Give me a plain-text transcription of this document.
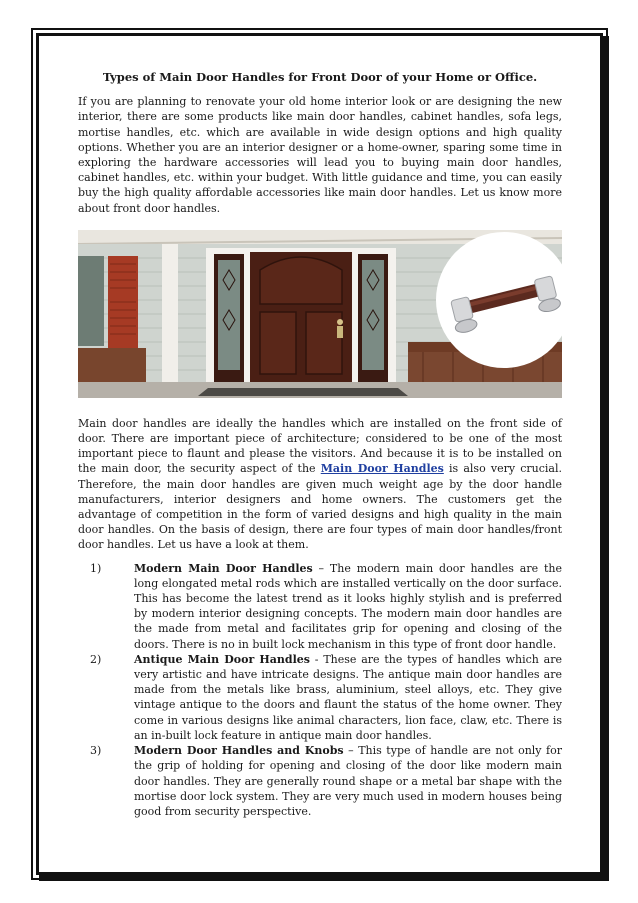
Types of Main Door Handles for Front Door of your Home or Office.

If you are planning to renovate your old home interior look or are designing the new interior, there are some products like main door handles, cabinet handles, sofa legs, mortise handles, etc. which are available in wide design options and high quality options. Whether you are an interior designer or a home-owner, sparing some time in exploring the hardware accessories will lead you to buying main door handles, cabinet handles, etc. within your budget. With little guidance and time, you can easily buy the high quality affordable accessories like main door handles. Let us know more about front door handles.

Main door handles are ideally the handles which are installed on the front side of door. There are important piece of architecture; considered to be one of the most important piece to flaunt and please the visitors. And because it is to be installed on the main door, the security aspect of the Main Door Handles is also very crucial. Therefore, the main door handles are given much weight age by the door handle manufacturers, interior designers and home owners. The customers get the advantage of competition in the form of varied designs and high quality in the main door handles. On the basis of design, there are four types of main door handles/front door handles. Let us have a look at them.

1)	Modern Main Door Handles – The modern main door handles are the long elongated metal rods which are installed vertically on the door surface. This has become the latest trend as it looks highly stylish and is preferred by modern interior designing concepts. The modern main door handles are the made from metal and facilitates grip for opening and closing of the doors. There is no in built lock mechanism in this type of front door handle.
2)	Antique Main Door Handles - These are the types of handles which are very artistic and have intricate designs. The antique main door handles are made from the metals like brass, aluminium, steel alloys, etc. They give vintage antique to the doors and flaunt the status of the home owner. They come in various designs like animal characters, lion face, claw, etc. There is an in-built lock feature in antique main door handles.
3)	Modern Door Handles and Knobs – This type of handle are not only for the grip of holding for opening and closing of the door like modern main door handles. They are generally round shape or a metal bar shape with the mortise door lock system. They are very much used in modern houses being good from security perspective.
